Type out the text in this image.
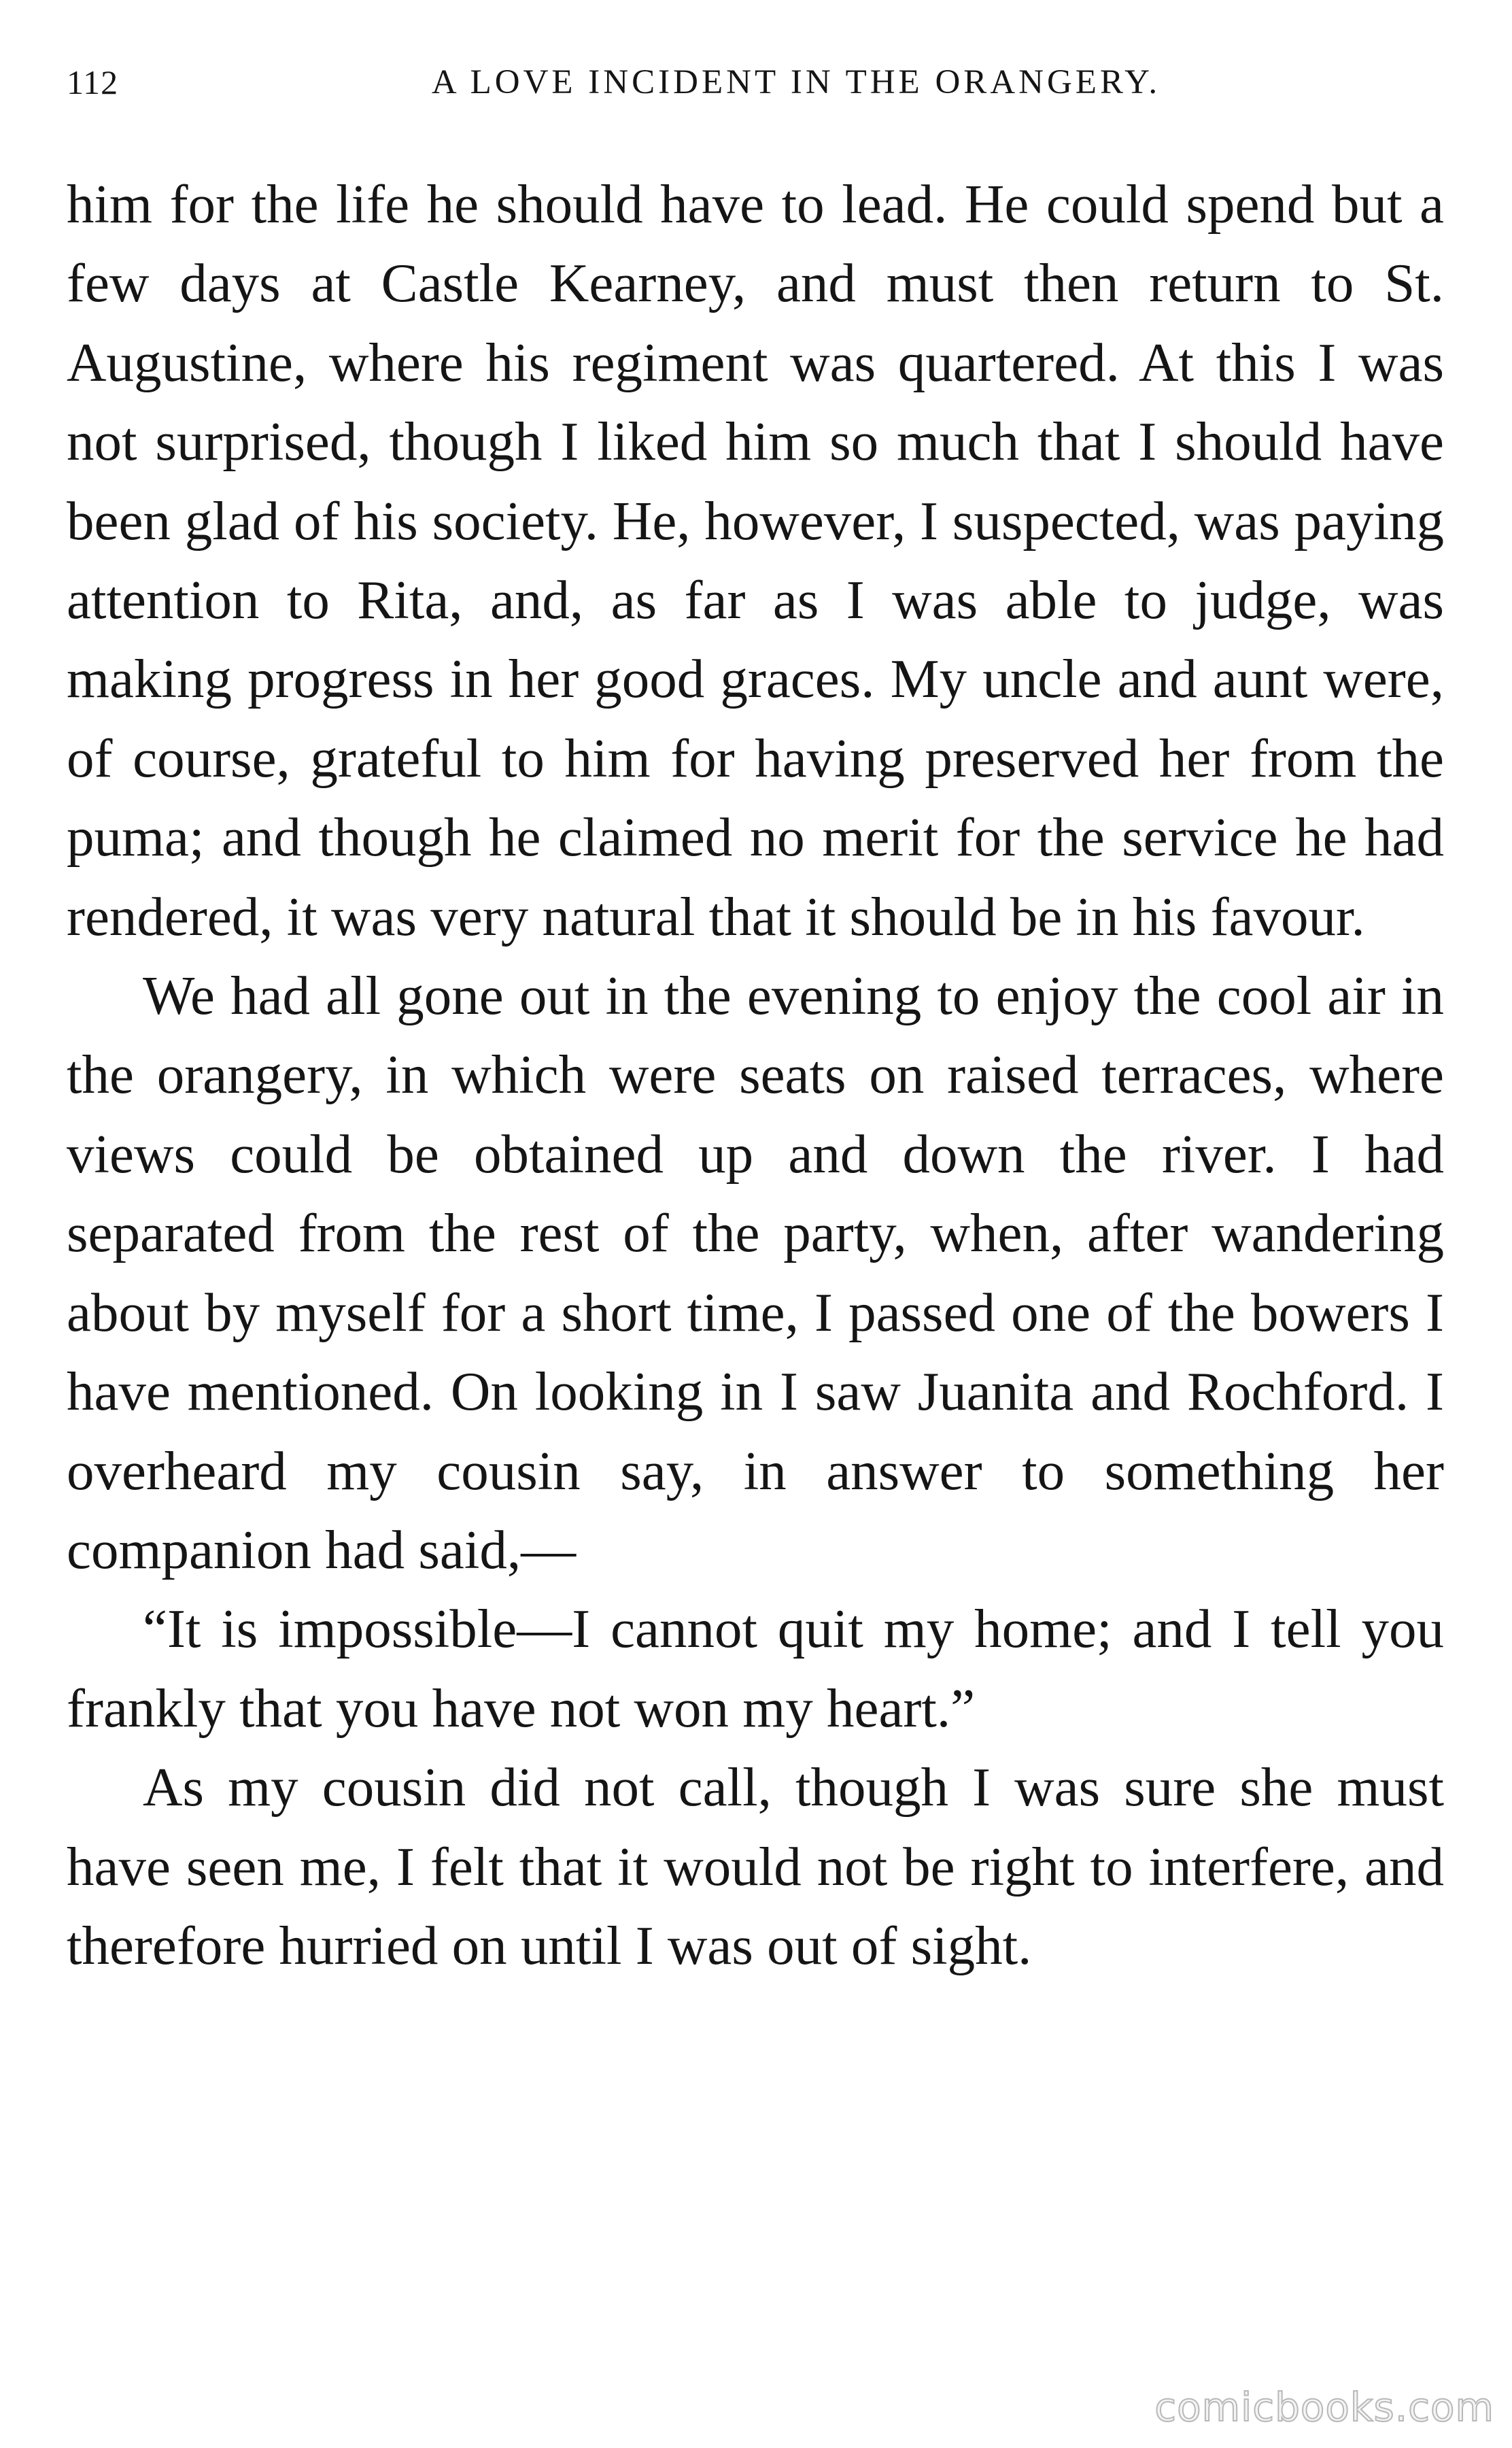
112	A LOVE INCIDENT IN THE ORANGERY.

him for the life he should have to lead. He could spend but a few days at Castle Kearney, and must then return to St. Augustine, where his regiment was quartered. At this I was not surprised, though I liked him so much that I should have been glad of his society. He, however, I suspected, was paying attention to Rita, and, as far as I was able to judge, was making progress in her good graces. My uncle and aunt were, of course, grateful to him for having preserved her from the puma; and though he claimed no merit for the service he had rendered, it was very natural that it should be in his favour.

We had all gone out in the evening to enjoy the cool air in the orangery, in which were seats on raised terraces, where views could be obtained up and down the river. I had separated from the rest of the party, when, after wandering about by myself for a short time, I passed one of the bowers I have mentioned. On looking in I saw Juanita and Rochford. I overheard my cousin say, in answer to something her companion had said,—

“It is impossible—I cannot quit my home; and I tell you frankly that you have not won my heart.”

As my cousin did not call, though I was sure she must have seen me, I felt that it would not be right to interfere, and therefore hurried on until I was out of sight.

comicbooks.com
